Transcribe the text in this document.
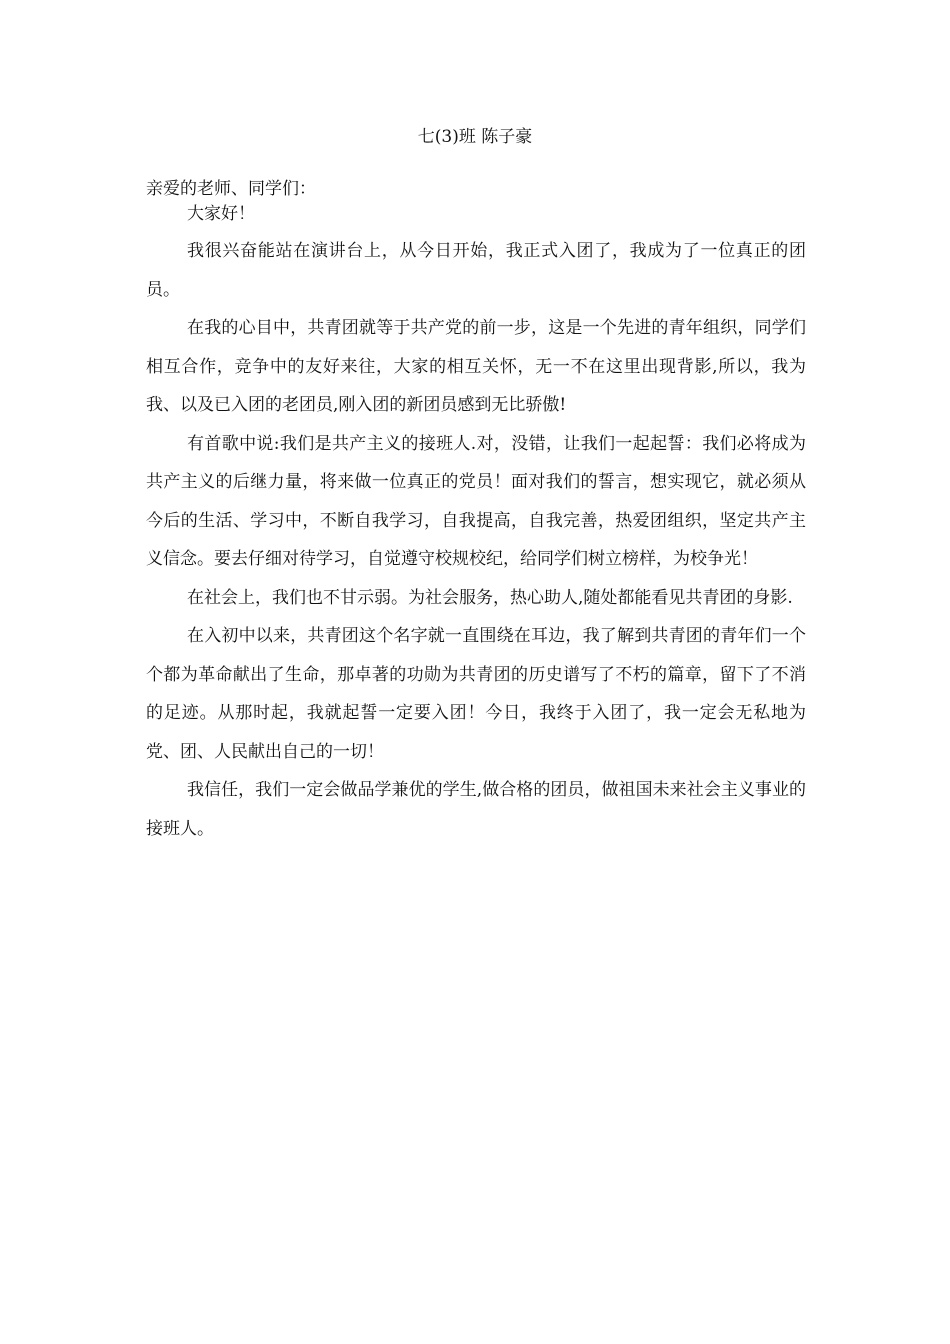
七(3)班 陈子豪
亲爱的老师、同学们：
大家好！

我很兴奋能站在演讲台上，从今日开始，我正式入团了，我成为了一位真正的团员。

在我的心目中，共青团就等于共产党的前一步，这是一个先进的青年组织，同学们相互合作，竞争中的友好来往，大家的相互关怀，无一不在这里出现背影,所以，我为我、以及已入团的老团员,刚入团的新团员感到无比骄傲!

有首歌中说:我们是共产主义的接班人.对，没错，让我们一起起誓：我们必将成为共产主义的后继力量，将来做一位真正的党员！面对我们的誓言，想实现它，就必须从今后的生活、学习中，不断自我学习，自我提高，自我完善，热爱团组织，坚定共产主义信念。要去仔细对待学习，自觉遵守校规校纪，给同学们树立榜样，为校争光！

在社会上，我们也不甘示弱。为社会服务，热心助人,随处都能看见共青团的身影.

在入初中以来，共青团这个名字就一直围绕在耳边，我了解到共青团的青年们一个个都为革命献出了生命，那卓著的功勋为共青团的历史谱写了不朽的篇章，留下了不消的足迹。从那时起，我就起誓一定要入团！今日，我终于入团了，我一定会无私地为党、团、人民献出自己的一切！

我信任，我们一定会做品学兼优的学生,做合格的团员，做祖国未来社会主义事业的接班人。
